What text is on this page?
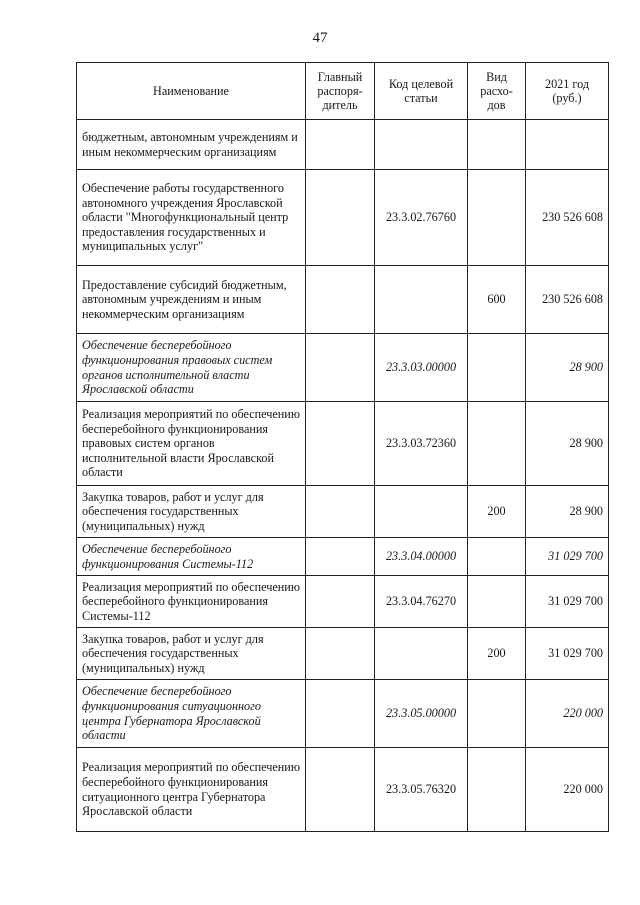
47
Наименование	Главный распоря-дитель	Код целевой статьи	Вид расхо-дов	2021 год (руб.)
бюджетным, автономным учреждениям и иным некоммерческим организациям				
Обеспечение работы государственного автономного учреждения Ярославской области "Многофункциональный центр предоставления государственных и муниципальных услуг"		23.3.02.76760		230 526 608
Предоставление субсидий бюджетным, автономным учреждениям и иным некоммерческим организациям			600	230 526 608
Обеспечение бесперебойного функционирования правовых систем органов исполнительной власти Ярославской области		23.3.03.00000		28 900
Реализация мероприятий по обеспечению бесперебойного функционирования правовых систем органов исполнительной власти Ярославской области		23.3.03.72360		28 900
Закупка товаров, работ и услуг для обеспечения государственных (муниципальных) нужд			200	28 900
Обеспечение бесперебойного функционирования Системы-112		23.3.04.00000		31 029 700
Реализация мероприятий по обеспечению бесперебойного функционирования Системы-112		23.3.04.76270		31 029 700
Закупка товаров, работ и услуг для обеспечения государственных (муниципальных) нужд			200	31 029 700
Обеспечение бесперебойного функционирования ситуационного центра Губернатора Ярославской области		23.3.05.00000		220 000
Реализация мероприятий по обеспечению бесперебойного функционирования ситуационного центра Губернатора Ярославской области		23.3.05.76320		220 000
